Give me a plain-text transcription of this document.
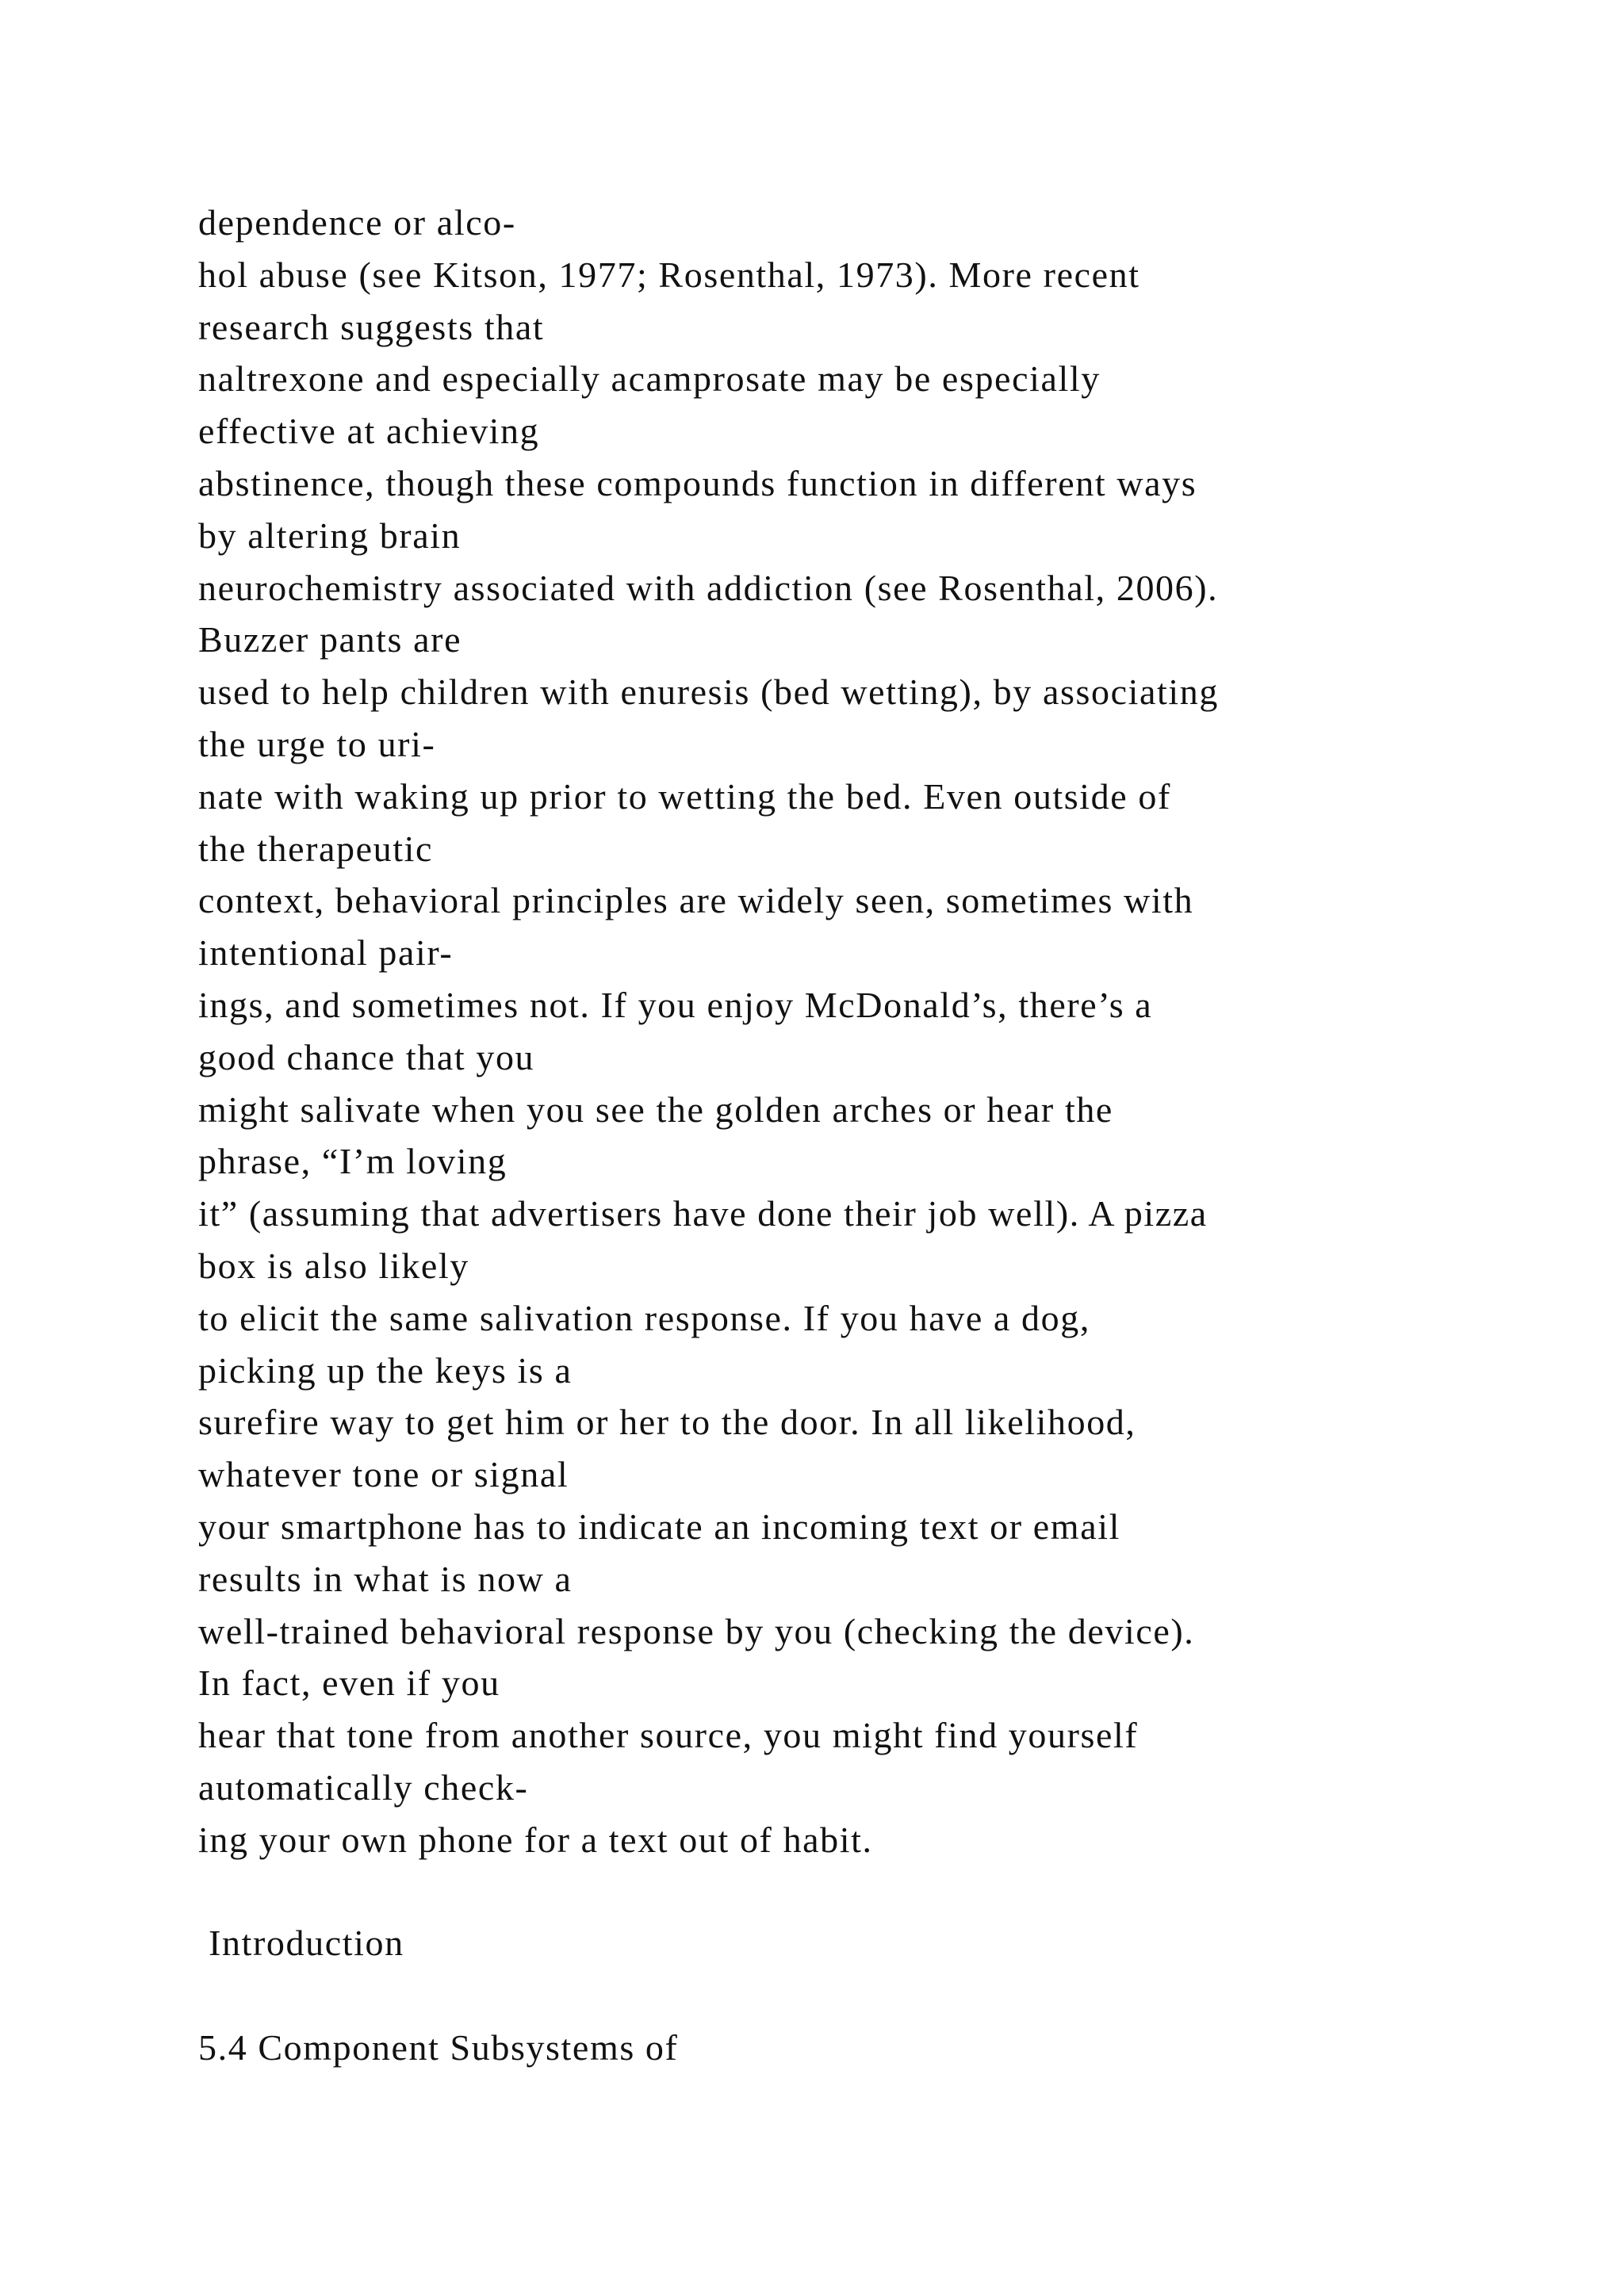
dependence or alco-
hol abuse (see Kitson, 1977; Rosenthal, 1973). More recent
research suggests that
naltrexone and especially acamprosate may be especially
effective at achieving
abstinence, though these compounds function in different ways
by altering brain
neurochemistry associated with addiction (see Rosenthal, 2006).
Buzzer pants are
used to help children with enuresis (bed wetting), by associating
the urge to uri-
nate with waking up prior to wetting the bed. Even outside of
the therapeutic
context, behavioral principles are widely seen, sometimes with
intentional pair-
ings, and sometimes not. If you enjoy McDonald’s, there’s a
good chance that you
might salivate when you see the golden arches or hear the
phrase, “I’m loving
it” (assuming that advertisers have done their job well). A pizza
box is also likely
to elicit the same salivation response. If you have a dog,
picking up the keys is a
surefire way to get him or her to the door. In all likelihood,
whatever tone or signal
your smartphone has to indicate an incoming text or email
results in what is now a
well-trained behavioral response by you (checking the device).
In fact, even if you
hear that tone from another source, you might find yourself
automatically check-
ing your own phone for a text out of habit.
Introduction
5.4 Component Subsystems of
